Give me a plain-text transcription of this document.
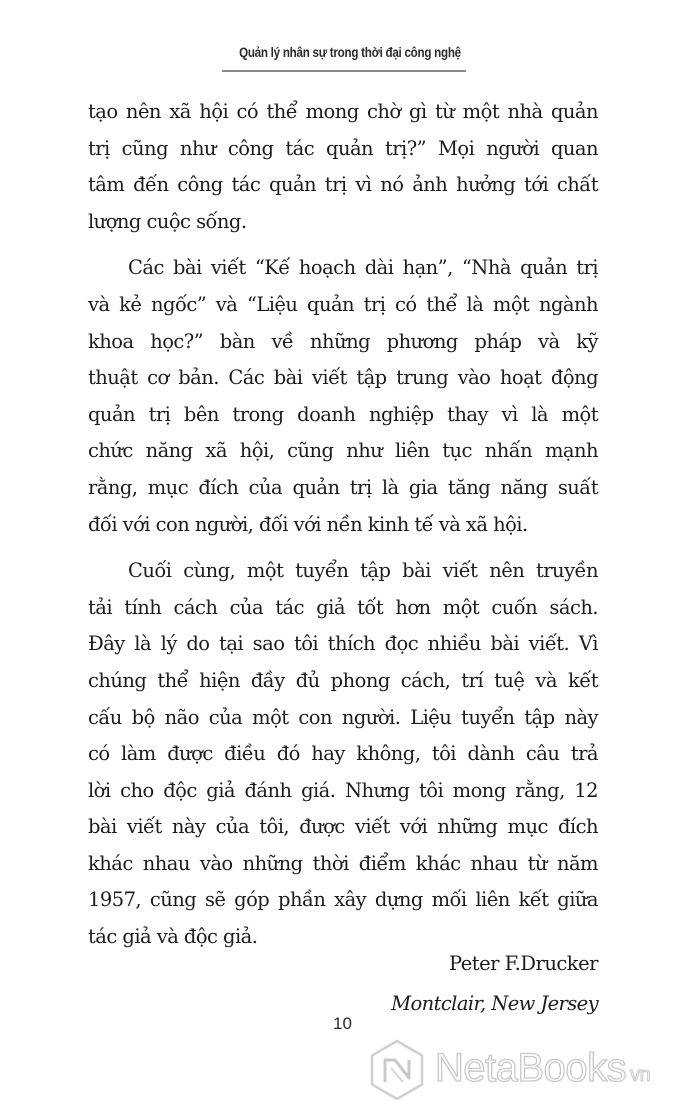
Quản lý nhân sự trong thời đại công nghệ
tạo nên xã hội có thể mong chờ gì từ một nhà quản
trị cũng như công tác quản trị?” Mọi người quan
tâm đến công tác quản trị vì nó ảnh hưởng tới chất
lượng cuộc sống.
Các bài viết “Kế hoạch dài hạn”, “Nhà quản trị
và kẻ ngốc” và “Liệu quản trị có thể là một ngành
khoa học?” bàn về những phương pháp và kỹ
thuật cơ bản. Các bài viết tập trung vào hoạt động
quản trị bên trong doanh nghiệp thay vì là một
chức năng xã hội, cũng như liên tục nhấn mạnh
rằng, mục đích của quản trị là gia tăng năng suất
đối với con người, đối với nền kinh tế và xã hội.
Cuối cùng, một tuyển tập bài viết nên truyền
tải tính cách của tác giả tốt hơn một cuốn sách.
Đây là lý do tại sao tôi thích đọc nhiều bài viết. Vì
chúng thể hiện đầy đủ phong cách, trí tuệ và kết
cấu bộ não của một con người. Liệu tuyển tập này
có làm được điều đó hay không, tôi dành câu trả
lời cho độc giả đánh giá. Nhưng tôi mong rằng, 12
bài viết này của tôi, được viết với những mục đích
khác nhau vào những thời điểm khác nhau từ năm
1957, cũng sẽ góp phần xây dựng mối liên kết giữa
tác giả và độc giả.
Peter F.Drucker
Montclair, New Jersey
10
NetaBooks vn
